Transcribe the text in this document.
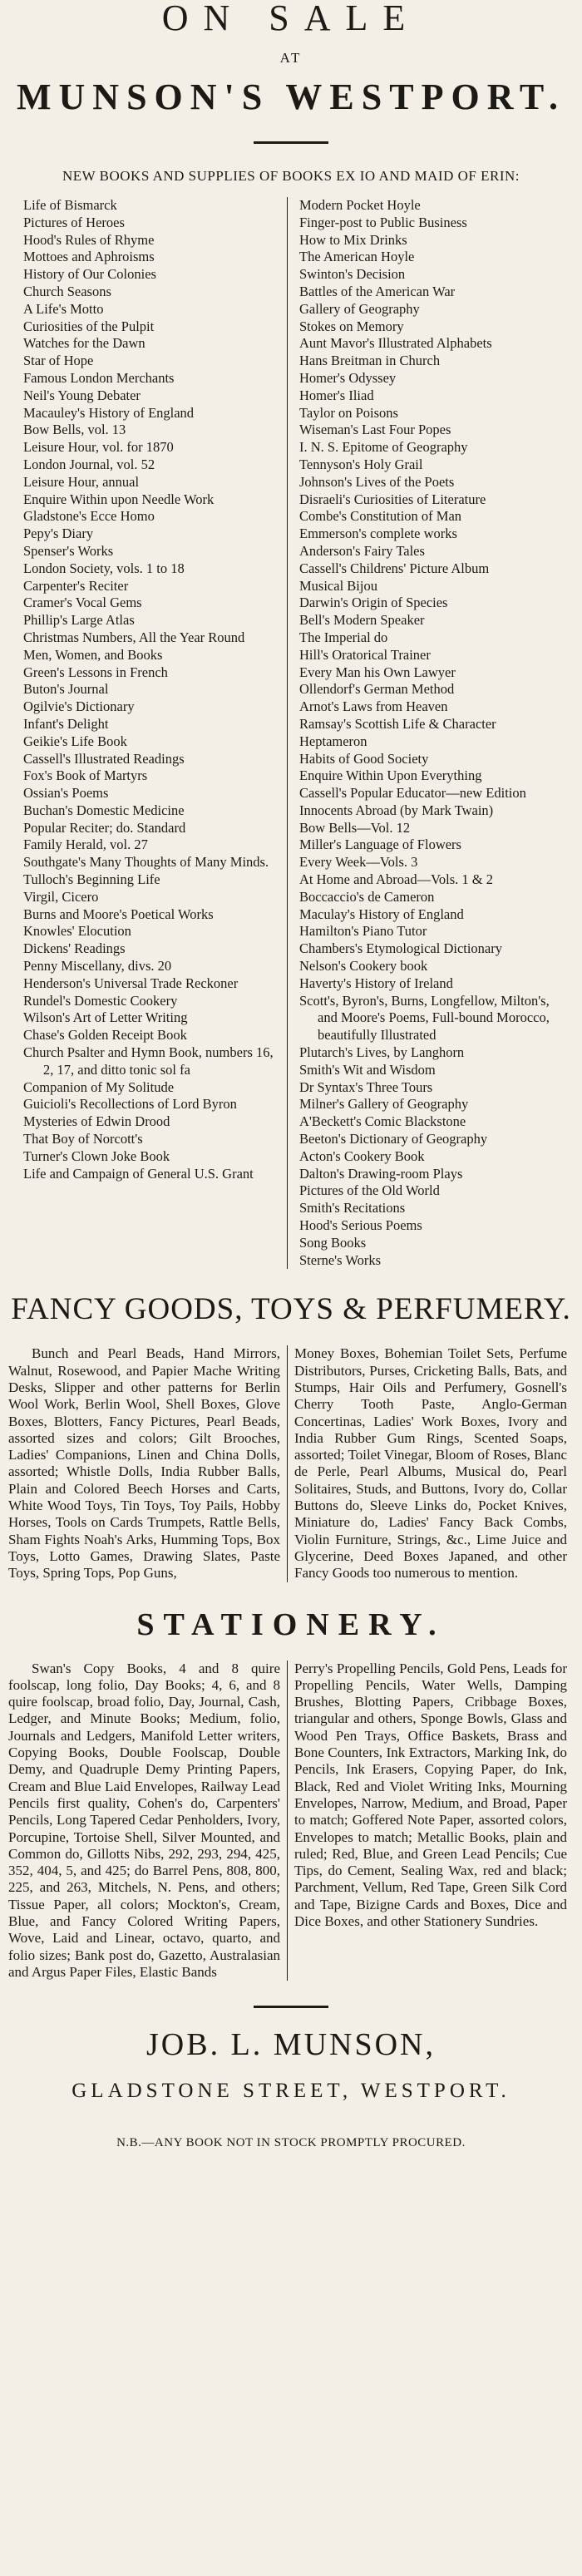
ON SALE
AT
MUNSON'S WESTPORT.
NEW BOOKS AND SUPPLIES OF BOOKS EX IO AND MAID OF ERIN:
Life of Bismarck
Pictures of Heroes
Hood's Rules of Rhyme
Mottoes and Aphroisms
History of Our Colonies
Church Seasons
A Life's Motto
Curiosities of the Pulpit
Watches for the Dawn
Star of Hope
Famous London Merchants
Neil's Young Debater
Macauley's History of England
Bow Bells, vol. 13
Leisure Hour, vol. for 1870
London Journal, vol. 52
Leisure Hour, annual
Enquire Within upon Needle Work
Gladstone's Ecce Homo
Pepy's Diary
Spenser's Works
London Society, vols. 1 to 18
Carpenter's Reciter
Cramer's Vocal Gems
Phillip's Large Atlas
Christmas Numbers, All the Year Round
Men, Women, and Books
Green's Lessons in French
Buton's Journal
Ogilvie's Dictionary
Infant's Delight
Geikie's Life Book
Cassell's Illustrated Readings
Fox's Book of Martyrs
Ossian's Poems
Buchan's Domestic Medicine
Popular Reciter; do. Standard
Family Herald, vol. 27
Southgate's Many Thoughts of Many Minds.
Tulloch's Beginning Life
Virgil, Cicero
Burns and Moore's Poetical Works
Knowles' Elocution
Dickens' Readings
Penny Miscellany, divs. 20
Henderson's Universal Trade Reckoner
Rundel's Domestic Cookery
Wilson's Art of Letter Writing
Chase's Golden Receipt Book
Church Psalter and Hymn Book, numbers 16, 2, 17, and ditto tonic sol fa
Companion of My Solitude
Guicioli's Recollections of Lord Byron
Mysteries of Edwin Drood
That Boy of Norcott's
Turner's Clown Joke Book
Life and Campaign of General U.S. Grant
Modern Pocket Hoyle
Finger-post to Public Business
How to Mix Drinks
The American Hoyle
Swinton's Decision
Battles of the American War
Gallery of Geography
Stokes on Memory
Aunt Mavor's Illustrated Alphabets
Hans Breitman in Church
Homer's Odyssey
Homer's Iliad
Taylor on Poisons
Wiseman's Last Four Popes
I. N. S. Epitome of Geography
Tennyson's Holy Grail
Johnson's Lives of the Poets
Disraeli's Curiosities of Literature
Combe's Constitution of Man
Emmerson's complete works
Anderson's Fairy Tales
Cassell's Childrens' Picture Album
Musical Bijou
Darwin's Origin of Species
Bell's Modern Speaker
The Imperial do
Hill's Oratorical Trainer
Every Man his Own Lawyer
Ollendorf's German Method
Arnot's Laws from Heaven
Ramsay's Scottish Life & Character
Heptameron
Habits of Good Society
Enquire Within Upon Everything
Cassell's Popular Educator—new Edition
Innocents Abroad (by Mark Twain)
Bow Bells—Vol. 12
Miller's Language of Flowers
Every Week—Vols. 3
At Home and Abroad—Vols. 1 & 2
Boccaccio's de Cameron
Maculay's History of England
Hamilton's Piano Tutor
Chambers's Etymological Dictionary
Nelson's Cookery book
Haverty's History of Ireland
Scott's, Byron's, Burns, Longfellow, Milton's, and Moore's Poems, Full-bound Morocco, beautifully Illustrated
Plutarch's Lives, by Langhorn
Smith's Wit and Wisdom
Dr Syntax's Three Tours
Milner's Gallery of Geography
A'Beckett's Comic Blackstone
Beeton's Dictionary of Geography
Acton's Cookery Book
Dalton's Drawing-room Plays
Pictures of the Old World
Smith's Recitations
Hood's Serious Poems
Song Books
Sterne's Works
FANCY GOODS, TOYS & PERFUMERY.

Bunch and Pearl Beads, Hand Mirrors, Walnut, Rosewood, and Papier Mache Writing Desks, Slipper and other patterns for Berlin Wool Work, Berlin Wool, Shell Boxes, Glove Boxes, Blotters, Fancy Pictures, Pearl Beads, assorted sizes and colors; Gilt Brooches, Ladies' Companions, Linen and China Dolls, assorted; Whistle Dolls, India Rubber Balls, Plain and Colored Beech Horses and Carts, White Wood Toys, Tin Toys, Toy Pails, Hobby Horses, Tools on Cards Trumpets, Rattle Bells, Sham Fights Noah's Arks, Humming Tops, Box Toys, Lotto Games, Drawing Slates, Paste Toys, Spring Tops, Pop Guns,

Money Boxes, Bohemian Toilet Sets, Perfume Distributors, Purses, Cricketing Balls, Bats, and Stumps, Hair Oils and Perfumery, Gosnell's Cherry Tooth Paste, Anglo-German Concertinas, Ladies' Work Boxes, Ivory and India Rubber Gum Rings, Scented Soaps, assorted; Toilet Vinegar, Bloom of Roses, Blanc de Perle, Pearl Albums, Musical do, Pearl Solitaires, Studs, and Buttons, Ivory do, Collar Buttons do, Sleeve Links do, Pocket Knives, Miniature do, Ladies' Fancy Back Combs, Violin Furniture, Strings, &c., Lime Juice and Glycerine, Deed Boxes Japaned, and other Fancy Goods too numerous to mention.

STATIONERY.

Swan's Copy Books, 4 and 8 quire foolscap, long folio, Day Books; 4, 6, and 8 quire foolscap, broad folio, Day, Journal, Cash, Ledger, and Minute Books; Medium, folio, Journals and Ledgers, Manifold Letter writers, Copying Books, Double Foolscap, Double Demy, and Quadruple Demy Printing Papers, Cream and Blue Laid Envelopes, Railway Lead Pencils first quality, Cohen's do, Carpenters' Pencils, Long Tapered Cedar Penholders, Ivory, Porcupine, Tortoise Shell, Silver Mounted, and Common do, Gillotts Nibs, 292, 293, 294, 425, 352, 404, 5, and 425; do Barrel Pens, 808, 800, 225, and 263, Mitchels, N. Pens, and others; Tissue Paper, all colors; Mockton's, Cream, Blue, and Fancy Colored Writing Papers, Wove, Laid and Linear, octavo, quarto, and folio sizes; Bank post do, Gazetto, Australasian and Argus Paper Files, Elastic Bands

Perry's Propelling Pencils, Gold Pens, Leads for Propelling Pencils, Water Wells, Damping Brushes, Blotting Papers, Cribbage Boxes, triangular and others, Sponge Bowls, Glass and Wood Pen Trays, Office Baskets, Brass and Bone Counters, Ink Extractors, Marking Ink, do Pencils, Ink Erasers, Copying Paper, do Ink, Black, Red and Violet Writing Inks, Mourning Envelopes, Narrow, Medium, and Broad, Paper to match; Goffered Note Paper, assorted colors, Envelopes to match; Metallic Books, plain and ruled; Red, Blue, and Green Lead Pencils; Cue Tips, do Cement, Sealing Wax, red and black; Parchment, Vellum, Red Tape, Green Silk Cord and Tape, Bizigne Cards and Boxes, Dice and Dice Boxes, and other Stationery Sundries.

JOB. L. MUNSON,
GLADSTONE STREET, WESTPORT.
N.B.—ANY BOOK NOT IN STOCK PROMPTLY PROCURED.
